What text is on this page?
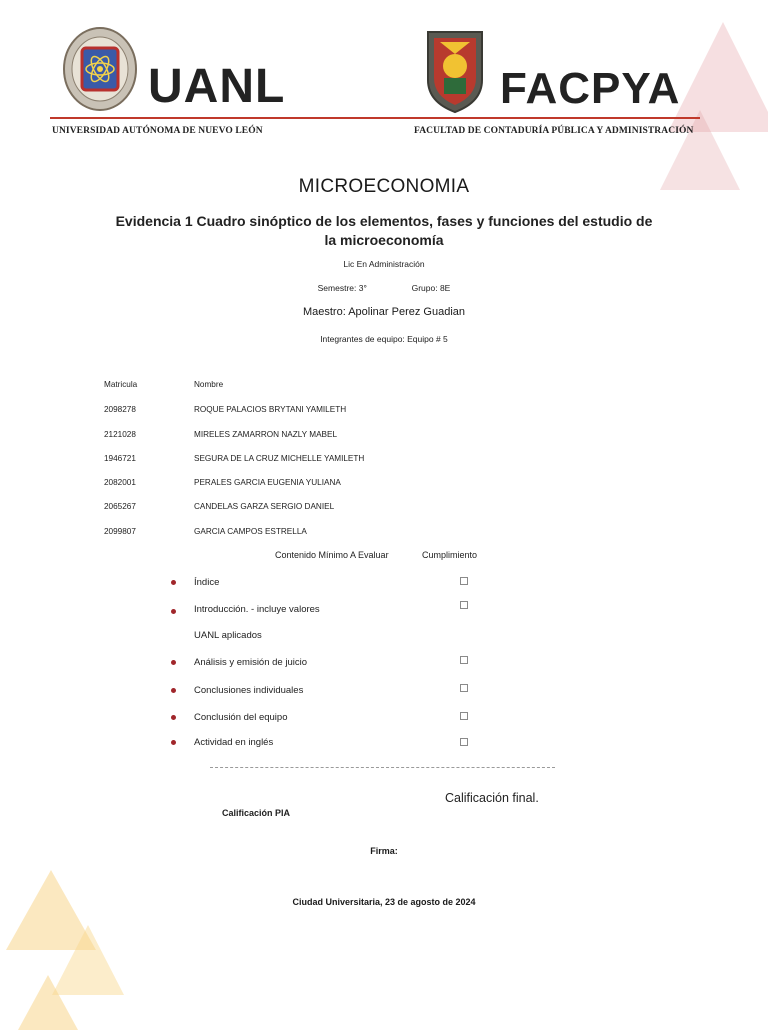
UANL	FACPYA
UNIVERSIDAD AUTÓNOMA DE NUEVO LEÓN	FACULTAD DE CONTADURÍA PÚBLICA Y ADMINISTRACIÓN
MICROECONOMIA
Evidencia 1 Cuadro sinóptico de los elementos, fases y funciones del estudio de la microeconomía
Lic En Administración
Semestre: 3°	Grupo: 8E
Maestro: Apolinar Perez Guadian
Integrantes de equipo: Equipo # 5
Matricula	Nombre
2098278	ROQUE PALACIOS BRYTANI YAMILETH
2121028	MIRELES ZAMARRON NAZLY MABEL
1946721	SEGURA DE LA CRUZ MICHELLE YAMILETH
2082001	PERALES GARCIA EUGENIA YULIANA
2065267	CANDELAS GARZA SERGIO DANIEL
2099807	GARCIA CAMPOS ESTRELLA
Contenido Mínimo A Evaluar	Cumplimiento
Índice
Introducción. - incluye valores
UANL aplicados
Análisis y emisión de juicio
Conclusiones individuales
Conclusión del equipo
Actividad en inglés
Calificación PIA
Calificación final.
Firma:
Ciudad Universitaria, 23 de agosto de 2024
